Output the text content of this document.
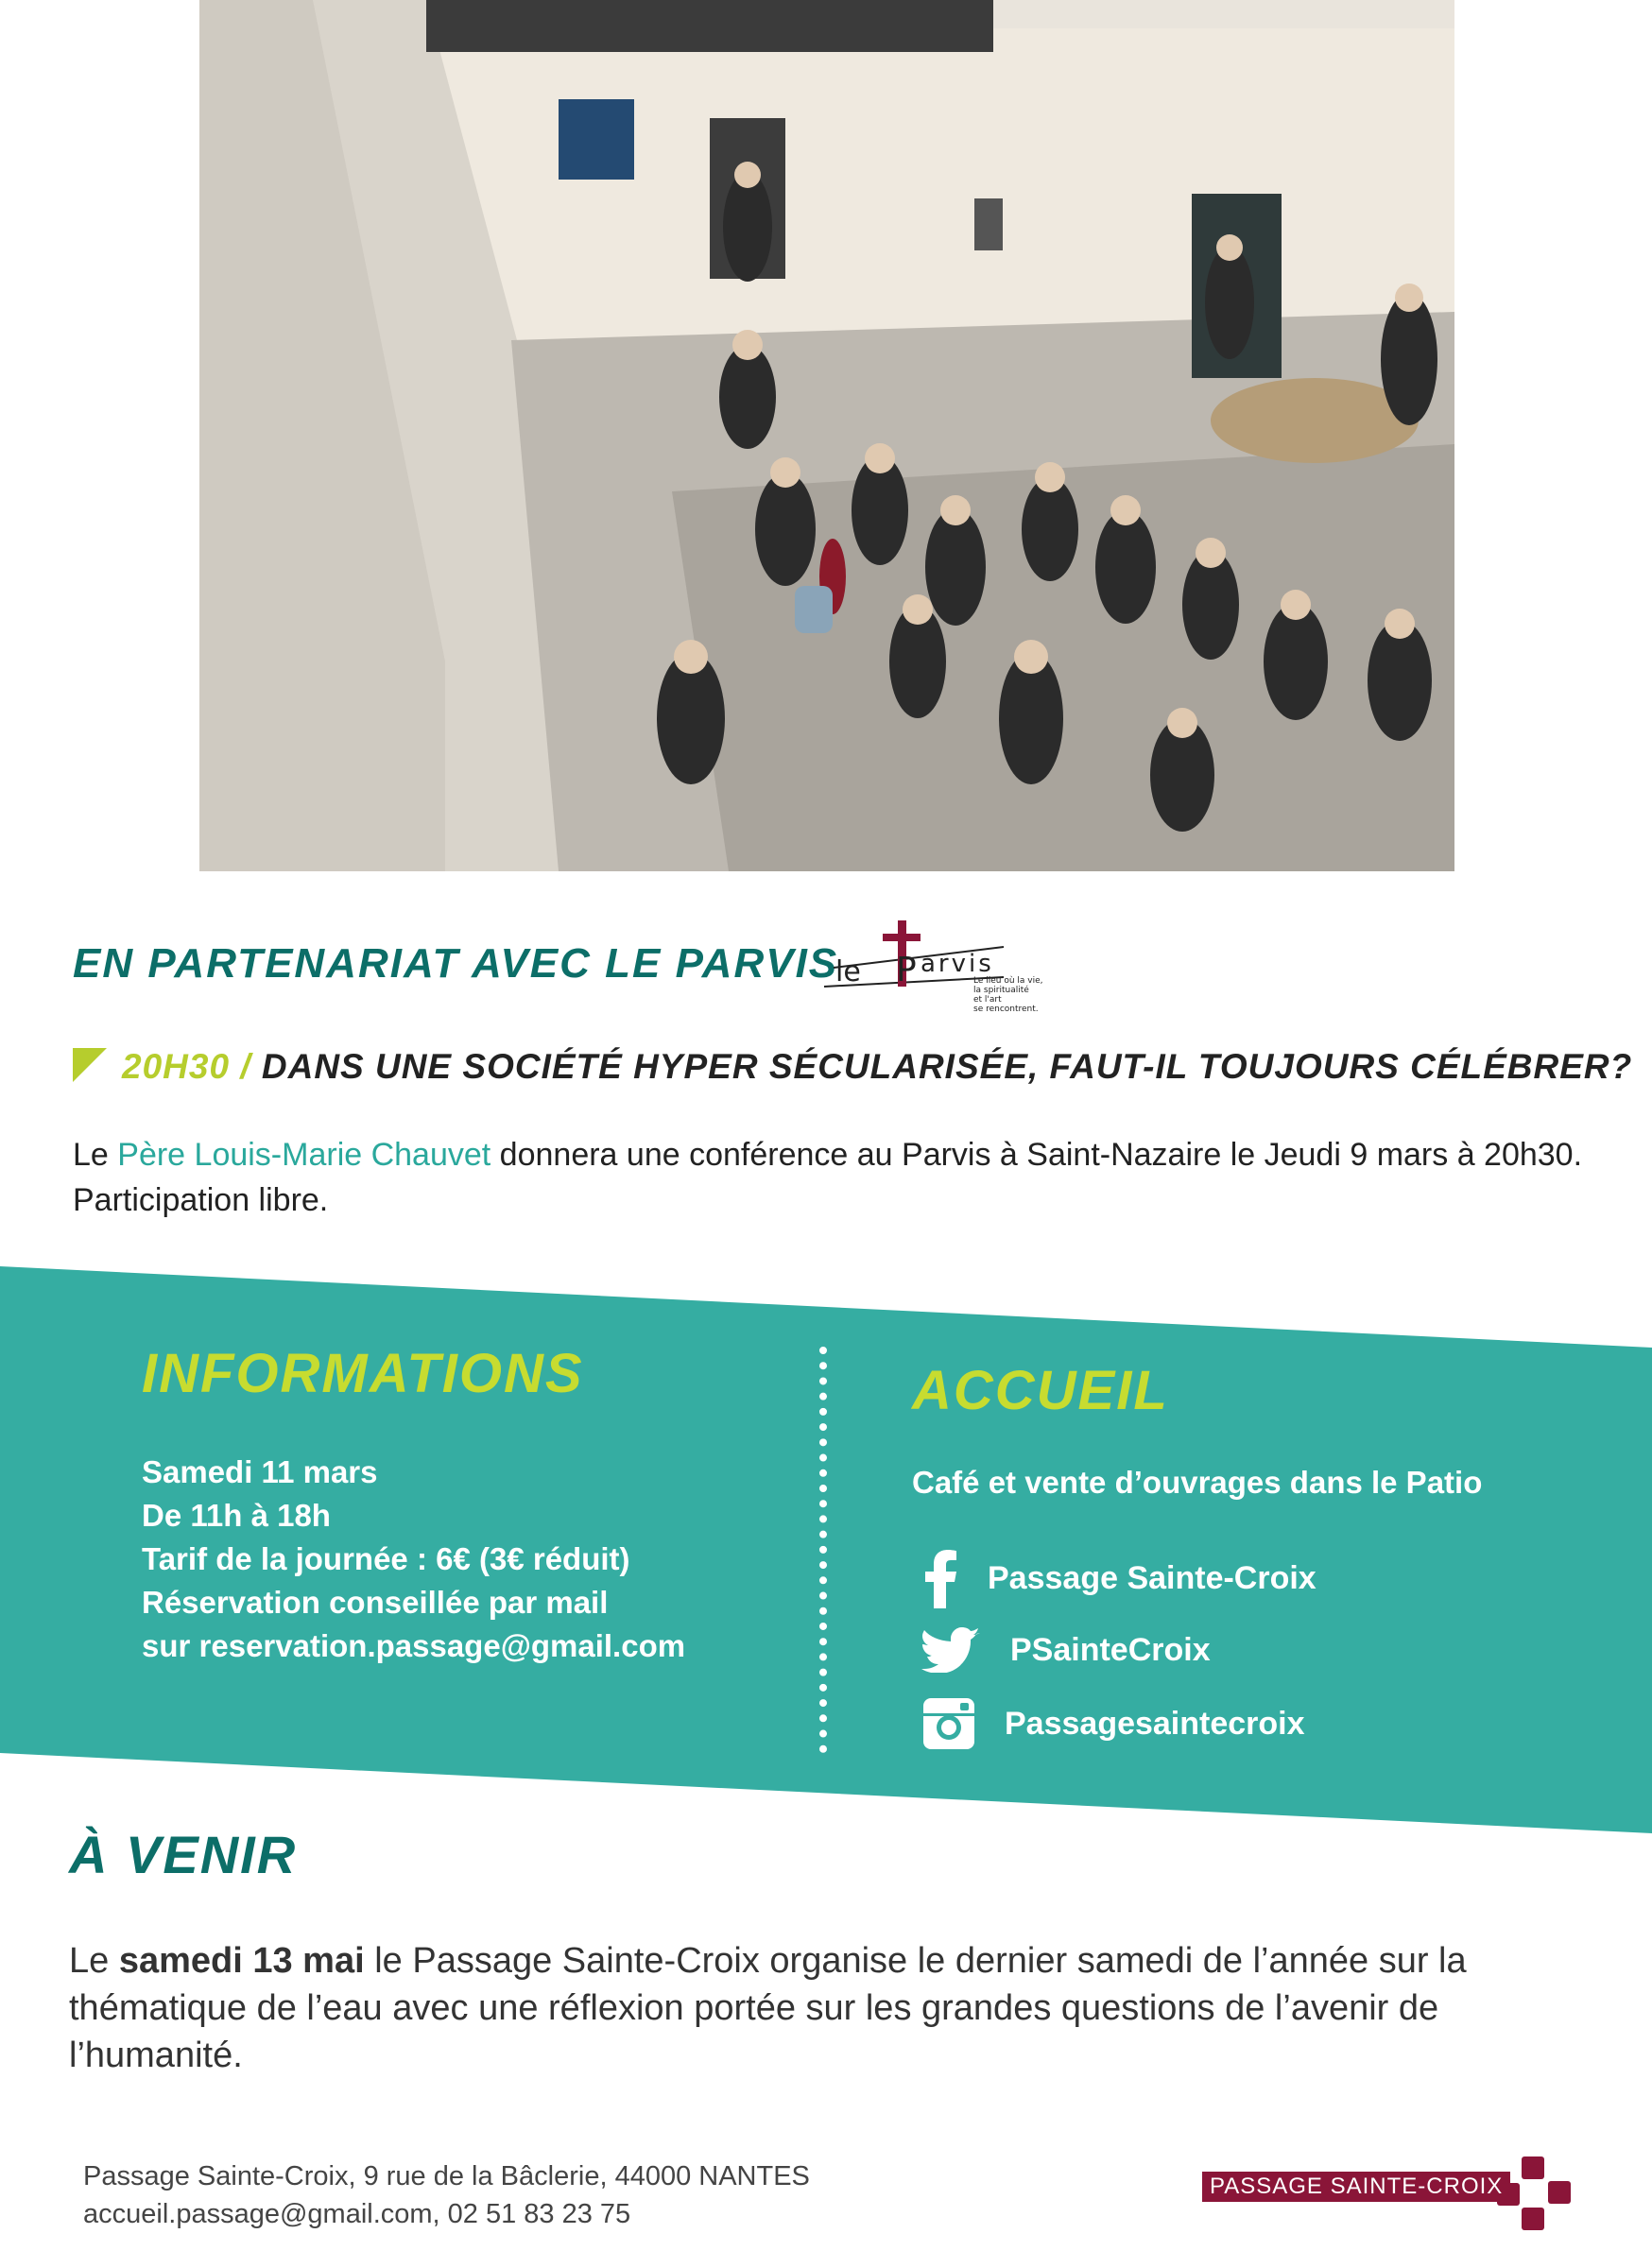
EN PARTENARIAT AVEC LE PARVIS
le P arvis
Le lieu où la vie,
la spiritualité
et l'art
se rencontrent.
20H30 / DANS UNE SOCIÉTÉ HYPER SÉCULARISÉE, FAUT-IL TOUJOURS CÉLÉBRER?
Le Père Louis-Marie Chauvet donnera une conférence au Parvis à Saint-Nazaire le Jeudi 9 mars à 20h30. Participation libre.
INFORMATIONS
Samedi 11 mars
De 11h à 18h
Tarif de la journée : 6€ (3€ réduit)
Réservation conseillée par mail
sur reservation.passage@gmail.com
ACCUEIL
Café et vente d’ouvrages dans le Patio
Passage Sainte-Croix
PSainteCroix
Passagesaintecroix
À VENIR
Le samedi 13 mai le Passage Sainte-Croix organise le dernier samedi de l’année sur la thématique de l’eau avec une réflexion portée sur les grandes questions de l’avenir de l’humanité.
Passage Sainte-Croix, 9 rue de la Bâclerie, 44000 NANTES
accueil.passage@gmail.com, 02 51 83 23 75
PASSAGE SAINTE-CROIX
